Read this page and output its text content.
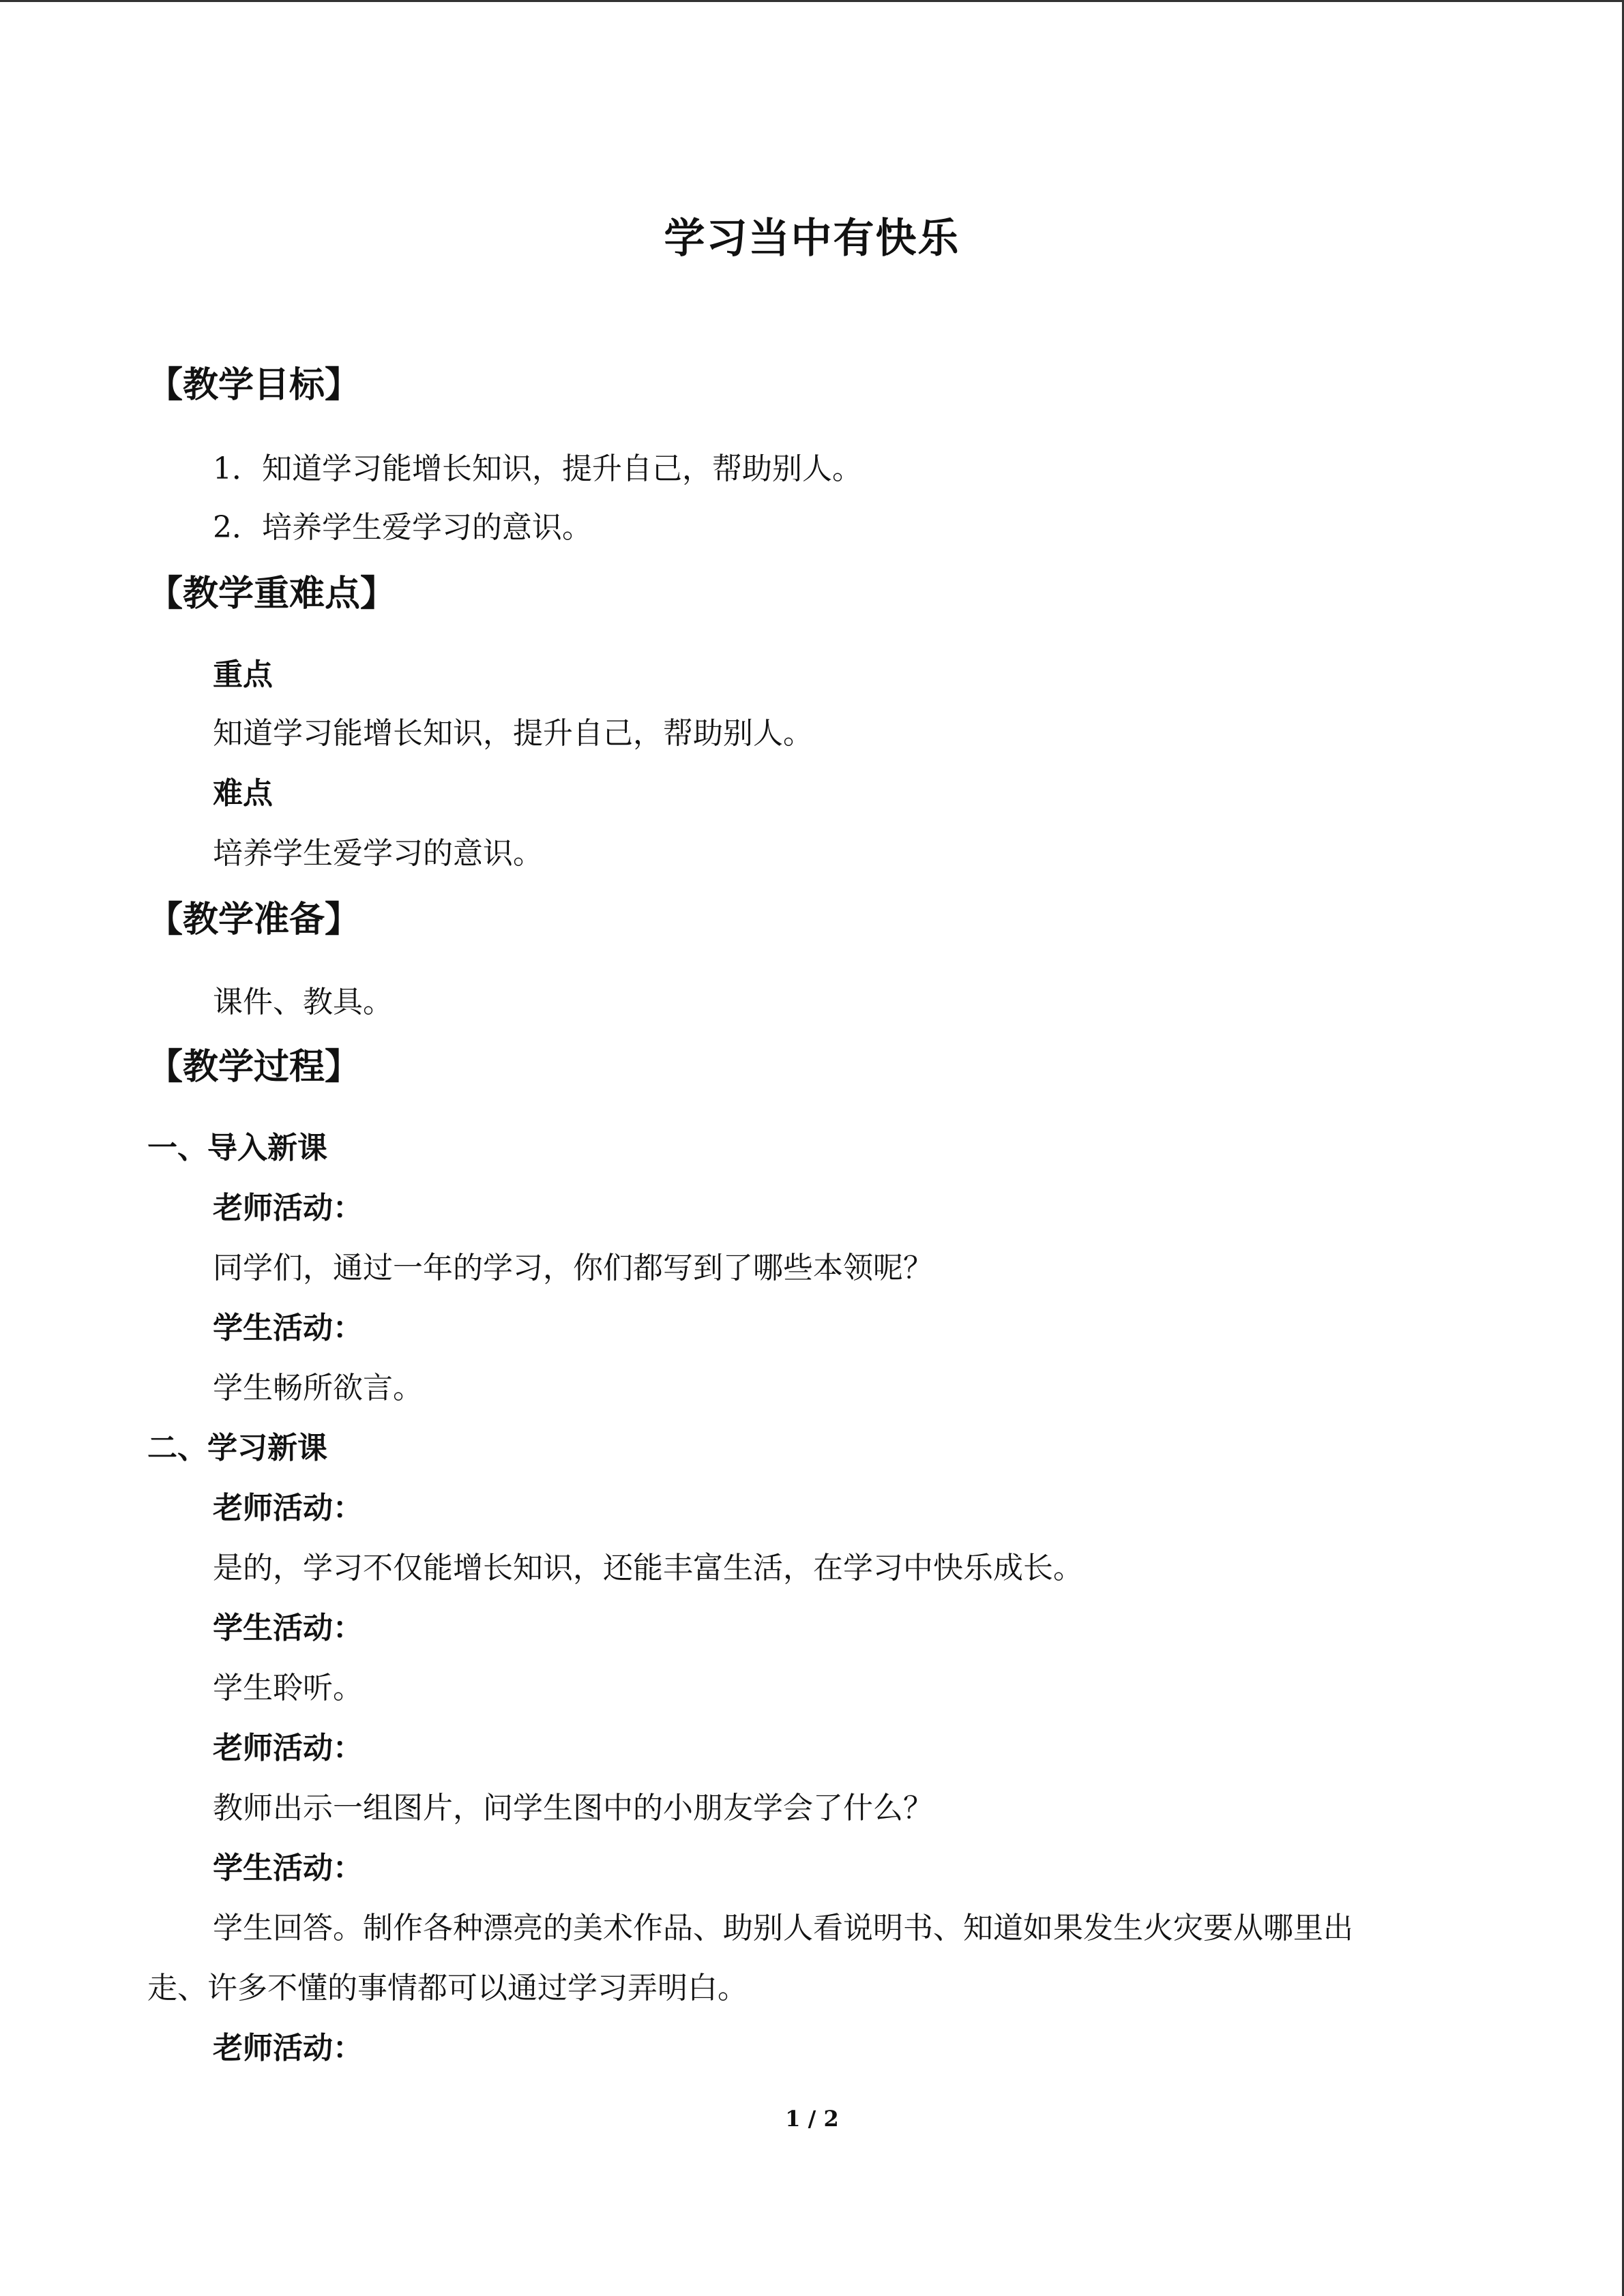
学习当中有快乐
【教学目标】
1．知道学习能增长知识，提升自己，帮助别人。
2．培养学生爱学习的意识。
【教学重难点】
重点
知道学习能增长知识，提升自己，帮助别人。
难点
培养学生爱学习的意识。
【教学准备】
课件、教具。
【教学过程】
一、导入新课
老师活动：
同学们，通过一年的学习，你们都写到了哪些本领呢？
学生活动：
学生畅所欲言。
二、学习新课
老师活动：
是的，学习不仅能增长知识，还能丰富生活，在学习中快乐成长。
学生活动：
学生聆听。
老师活动：
教师出示一组图片，问学生图中的小朋友学会了什么？
学生活动：
学生回答。制作各种漂亮的美术作品、助别人看说明书、知道如果发生火灾要从哪里出
走、许多不懂的事情都可以通过学习弄明白。
老师活动：
1 / 2
